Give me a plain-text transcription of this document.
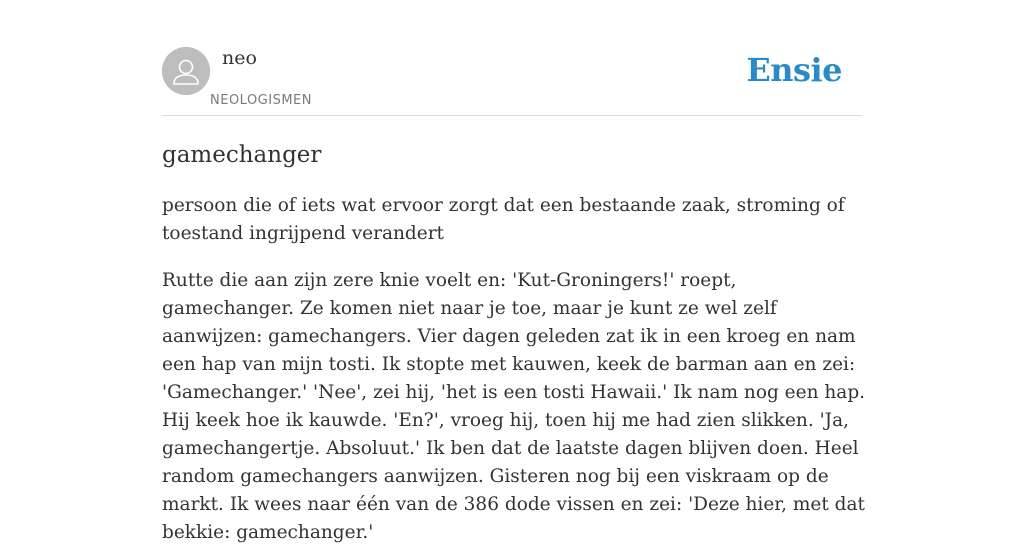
neo
NEOLOGISMEN
Ensie
gamechanger

persoon die of iets wat ervoor zorgt dat een bestaande zaak, stroming of toestand ingrijpend verandert

Rutte die aan zijn zere knie voelt en: 'Kut-Groningers!' roept, gamechanger. Ze komen niet naar je toe, maar je kunt ze wel zelf aanwijzen: gamechangers. Vier dagen geleden zat ik in een kroeg en nam een hap van mijn tosti. Ik stopte met kauwen, keek de barman aan en zei: 'Gamechanger.' 'Nee', zei hij, 'het is een tosti Hawaii.' Ik nam nog een hap. Hij keek hoe ik kauwde. 'En?', vroeg hij, toen hij me had zien slikken. 'Ja, gamechangertje. Absoluut.' Ik ben dat de laatste dagen blijven doen. Heel random gamechangers aanwijzen. Gisteren nog bij een viskraam op de markt. Ik wees naar één van de 386 dode vissen en zei: 'Deze hier, met dat bekkie: gamechanger.'
